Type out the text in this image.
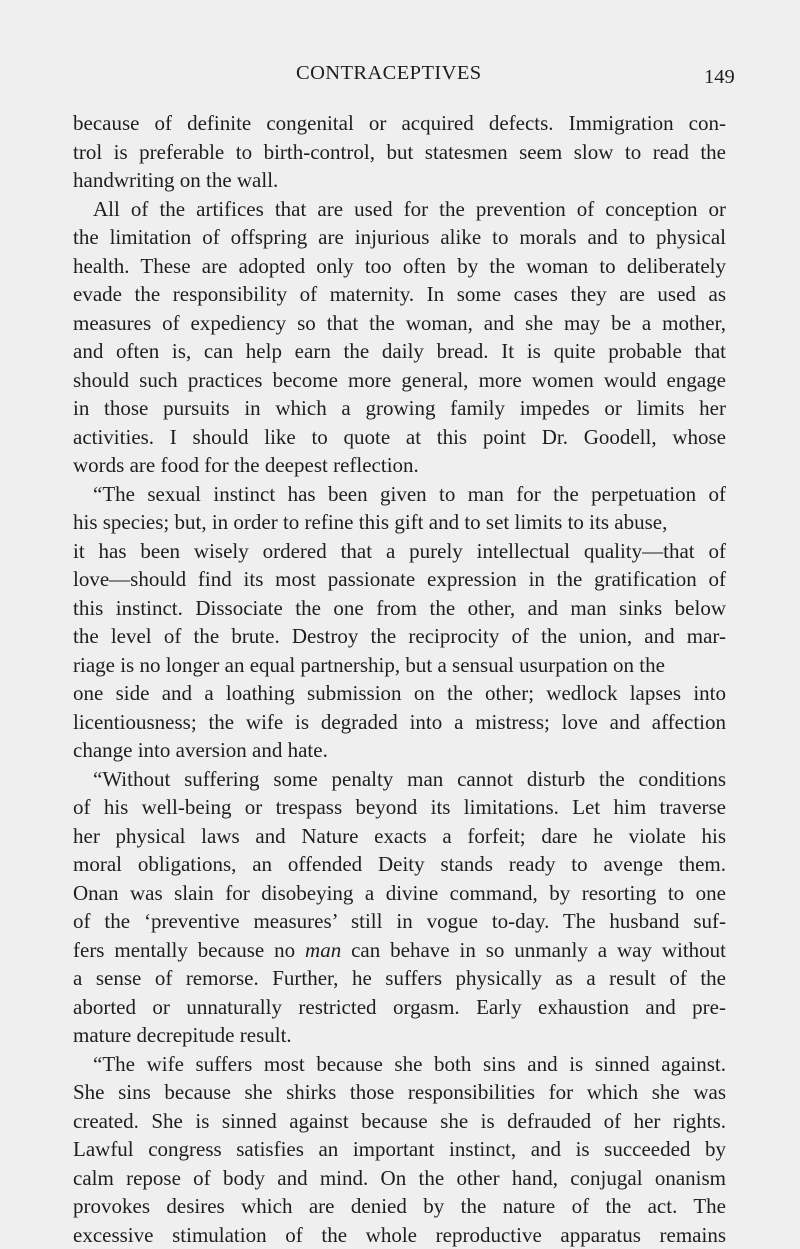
CONTRACEPTIVES	149
because of definite congenital or acquired defects. Immigration con-
trol is preferable to birth-control, but statesmen seem slow to read the
handwriting on the wall.
All of the artifices that are used for the prevention of conception or
the limitation of offspring are injurious alike to morals and to physical
health. These are adopted only too often by the woman to deliberately
evade the responsibility of maternity. In some cases they are used as
measures of expediency so that the woman, and she may be a mother,
and often is, can help earn the daily bread. It is quite probable that
should such practices become more general, more women would engage
in those pursuits in which a growing family impedes or limits her
activities. I should like to quote at this point Dr. Goodell, whose
words are food for the deepest reflection.
“The sexual instinct has been given to man for the perpetuation of
his species; but, in order to refine this gift and to set limits to its abuse,
it has been wisely ordered that a purely intellectual quality—that of
love—should find its most passionate expression in the gratification of
this instinct. Dissociate the one from the other, and man sinks below
the level of the brute. Destroy the reciprocity of the union, and mar-
riage is no longer an equal partnership, but a sensual usurpation on the
one side and a loathing submission on the other; wedlock lapses into
licentiousness; the wife is degraded into a mistress; love and affection
change into aversion and hate.
“Without suffering some penalty man cannot disturb the conditions
of his well-being or trespass beyond its limitations. Let him traverse
her physical laws and Nature exacts a forfeit; dare he violate his
moral obligations, an offended Deity stands ready to avenge them.
Onan was slain for disobeying a divine command, by resorting to one
of the ‘preventive measures’ still in vogue to-day. The husband suf-
fers mentally because no man can behave in so unmanly a way without
a sense of remorse. Further, he suffers physically as a result of the
aborted or unnaturally restricted orgasm. Early exhaustion and pre-
mature decrepitude result.
“The wife suffers most because she both sins and is sinned against.
She sins because she shirks those responsibilities for which she was
created. She is sinned against because she is defrauded of her rights.
Lawful congress satisfies an important instinct, and is succeeded by
calm repose of body and mind. On the other hand, conjugal onanism
provokes desires which are denied by the nature of the act. The
excessive stimulation of the whole reproductive apparatus remains
